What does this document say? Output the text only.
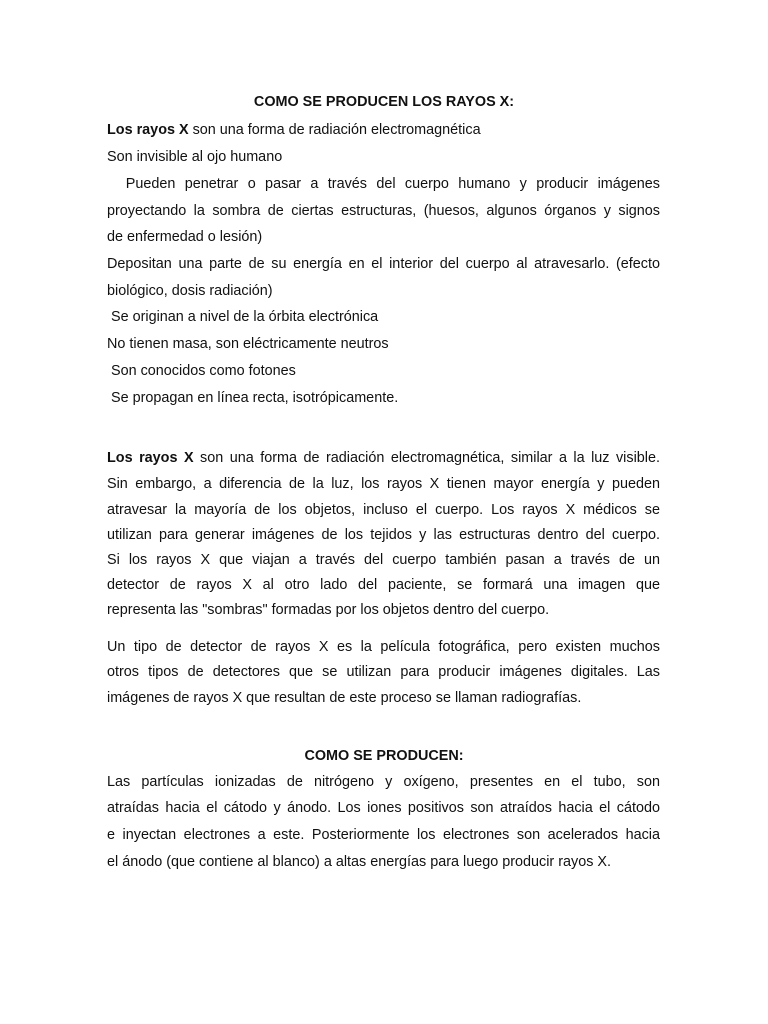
COMO SE PRODUCEN LOS RAYOS X:
Los rayos X son una forma de radiación electromagnética
Son invisible al ojo humano
Pueden penetrar o pasar a través del cuerpo humano y producir imágenes
proyectando la sombra de ciertas estructuras, (huesos, algunos órganos y signos
de enfermedad o lesión)
Depositan una parte de su energía en el interior del cuerpo al atravesarlo. (efecto
biológico, dosis radiación)
Se originan a nivel de la órbita electrónica
No tienen masa, son eléctricamente neutros
Son conocidos como fotones
Se propagan en línea recta, isotrópicamente.
Los rayos X son una forma de radiación electromagnética, similar a la luz visible.
Sin embargo, a diferencia de la luz, los rayos X tienen mayor energía y pueden
atravesar la mayoría de los objetos, incluso el cuerpo. Los rayos X médicos se
utilizan para generar imágenes de los tejidos y las estructuras dentro del cuerpo.
Si los rayos X que viajan a través del cuerpo también pasan a través de un
detector de rayos X al otro lado del paciente, se formará una imagen que
representa las "sombras" formadas por los objetos dentro del cuerpo.
Un tipo de detector de rayos X es la película fotográfica, pero existen muchos
otros tipos de detectores que se utilizan para producir imágenes digitales. Las
imágenes de rayos X que resultan de este proceso se llaman radiografías.
COMO SE PRODUCEN:
Las partículas ionizadas de nitrógeno y oxígeno, presentes en el tubo, son
atraídas hacia el cátodo y ánodo. Los iones positivos son atraídos hacia el cátodo
e inyectan electrones a este. Posteriormente los electrones son acelerados hacia
el ánodo (que contiene al blanco) a altas energías para luego producir rayos X.
